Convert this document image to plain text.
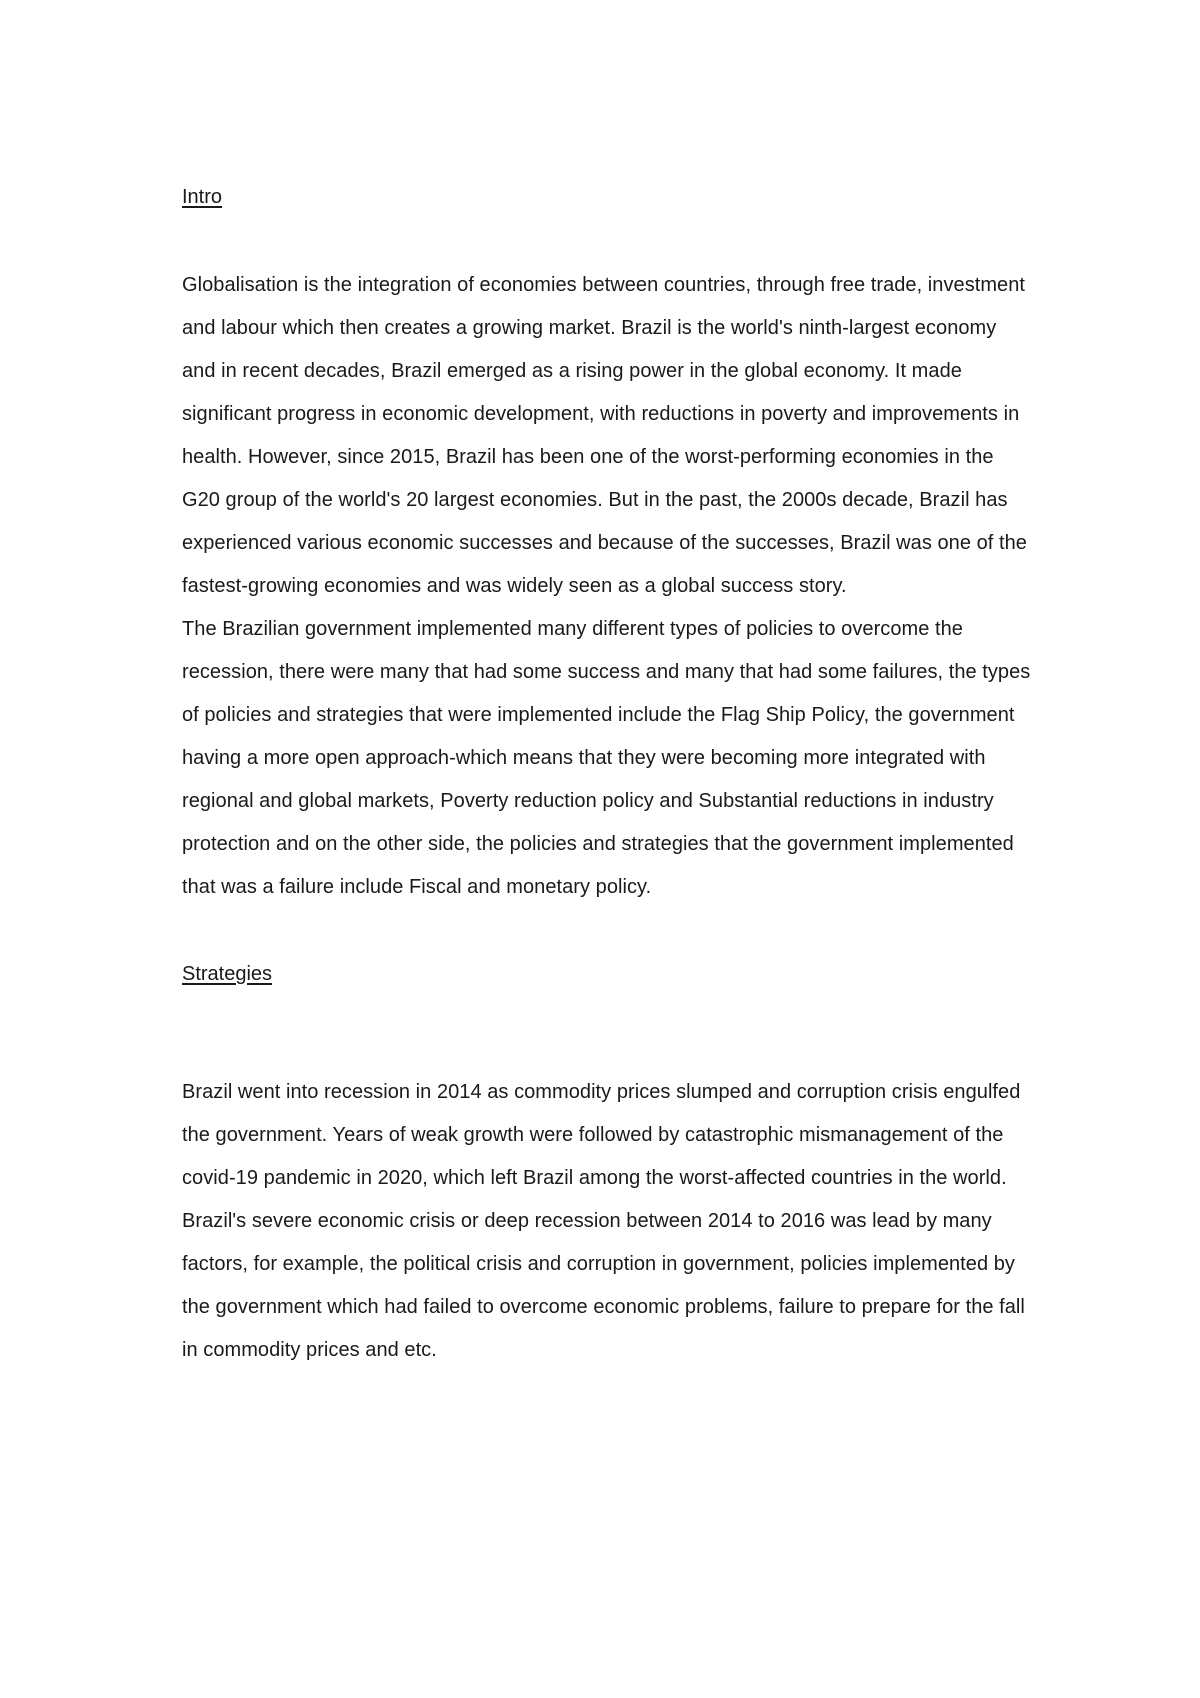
Intro

Globalisation is the integration of economies between countries, through free trade, investment and labour which then creates a growing market. Brazil is the world's ninth-largest economy and in recent decades, Brazil emerged as a rising power in the global economy. It made significant progress in economic development, with reductions in poverty and improvements in health. However, since 2015, Brazil has been one of the worst-performing economies in the G20 group of the world's 20 largest economies. But in the past, the 2000s decade, Brazil has experienced various economic successes and because of the successes, Brazil was one of the fastest-growing economies and was widely seen as a global success story.

The Brazilian government implemented many different types of policies to overcome the recession, there were many that had some success and many that had some failures, the types of policies and strategies that were implemented include the Flag Ship Policy, the government having a more open approach-which means that they were becoming more integrated with regional and global markets, Poverty reduction policy and Substantial reductions in industry protection and on the other side, the policies and strategies that the government implemented that was a failure include Fiscal and monetary policy.

Strategies

Brazil went into recession in 2014 as commodity prices slumped and corruption crisis engulfed the government. Years of weak growth were followed by catastrophic mismanagement of the covid-19 pandemic in 2020, which left Brazil among the worst-affected countries in the world.

Brazil's severe economic crisis or deep recession between 2014 to 2016 was lead by many factors, for example, the political crisis and corruption in government, policies implemented by the government which had failed to overcome economic problems, failure to prepare for the fall in commodity prices and etc.
